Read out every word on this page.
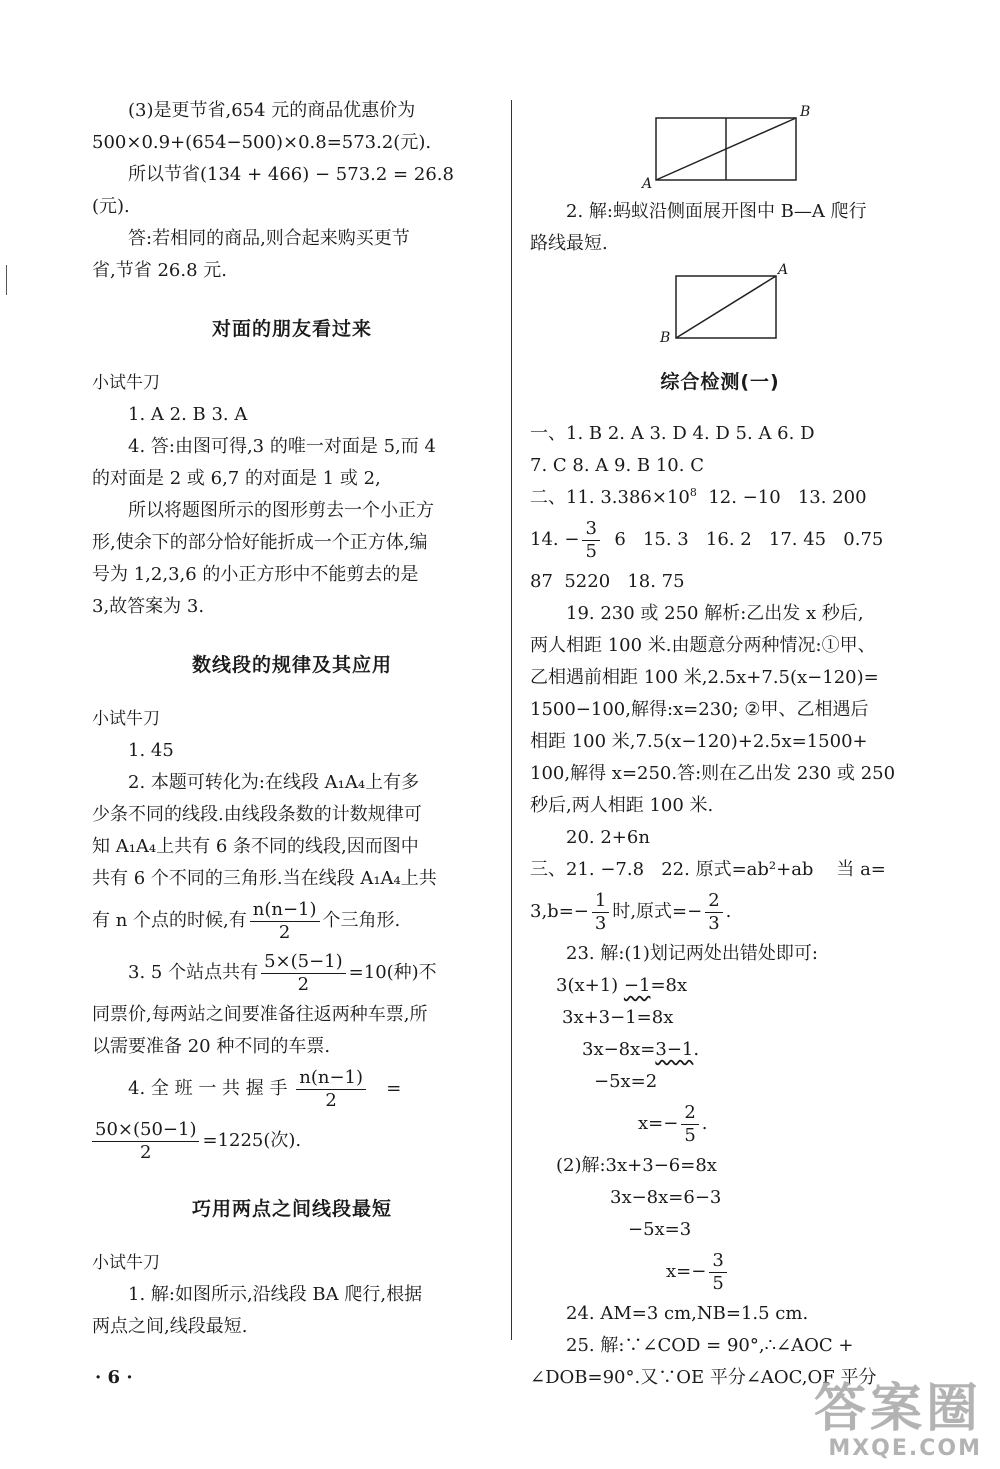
(3)是更节省,654 元的商品优惠价为
500×0.9+(654−500)×0.8=573.2(元).
所以节省(134 + 466) − 573.2 = 26.8
(元).
答:若相同的商品,则合起来购买更节
省,节省 26.8 元.
对面的朋友看过来
小试牛刀
1. A 2. B 3. A
4. 答:由图可得,3 的唯一对面是 5,而 4
的对面是 2 或 6,7 的对面是 1 或 2,
所以将题图所示的图形剪去一个小正方
形,使余下的部分恰好能折成一个正方体,编
号为 1,2,3,6 的小正方形中不能剪去的是
3,故答案为 3.
数线段的规律及其应用
小试牛刀
1. 45
2. 本题可转化为:在线段 A₁A₄上有多
少条不同的线段.由线段条数的计数规律可
知 A₁A₄上共有 6 条不同的线段,因而图中
共有 6 个不同的三角形.当在线段 A₁A₄上共
有 n 个点的时候,有 $\frac{n(n-1)}{2}$ 个三角形.
3. 5 个站点共有 $\frac{5\times(5-1)}{2} =10$(种)不
同票价,每两站之间要准备往返两种车票,所
以需要准备 20 种不同的车票.
4. 全 班 一 共 握 手 $\frac{n(n-1)}{2}$ =
$\frac{50\times(50-1)}{2} =1225$(次).
巧用两点之间线段最短
小试牛刀
1. 解:如图所示,沿线段 BA 爬行,根据
两点之间,线段最短.
B
A
2. 解:蚂蚁沿侧面展开图中 B—A 爬行
路线最短.
A
B
综合检测(一)
一、1. B 2. A 3. D 4. D 5. A 6. D
7. C 8. A 9. B 10. C
二、11. $3.386\times 10^8$  12. −10   13. 200
14. − $\frac{3}{5} 6$   15. 3   16. 2   17. 45   0.75
87  5220   18. 75
19. 230 或 250 解析:乙出发 x 秒后,
两人相距 100 米.由题意分两种情况:①甲、
乙相遇前相距 100 米,2.5x+7.5(x−120)=
1500−100,解得:x=230; ②甲、乙相遇后
相距 100 米,7.5(x−120)+2.5x=1500+
100,解得 x=250.答:则在乙出发 230 或 250
秒后,两人相距 100 米.
20. 2+6n
三、21. −7.8   22. 原式=ab²+ab    当 a=
$3,b=- \frac{1}{3}$ 时,原式=− $\frac{2}{3}$ .
23. 解:(1)划记两处出错处即可:
3(x+1) −1=8x
3x+3−1=8x
3x−8x=3−1.
−5x=2
$x=- \frac{2}{5}$ .
(2)解:3x+3−6=8x
3x−8x=6−3
−5x=3
$x=- \frac{3}{5}$
24. AM=3 cm,NB=1.5 cm.
25. 解:∵∠COD = 90°,∴∠AOC +
∠DOB=90°.又∵OE 平分∠AOC,OF 平分
· 6 ·
答案圈
MXQE.COM
